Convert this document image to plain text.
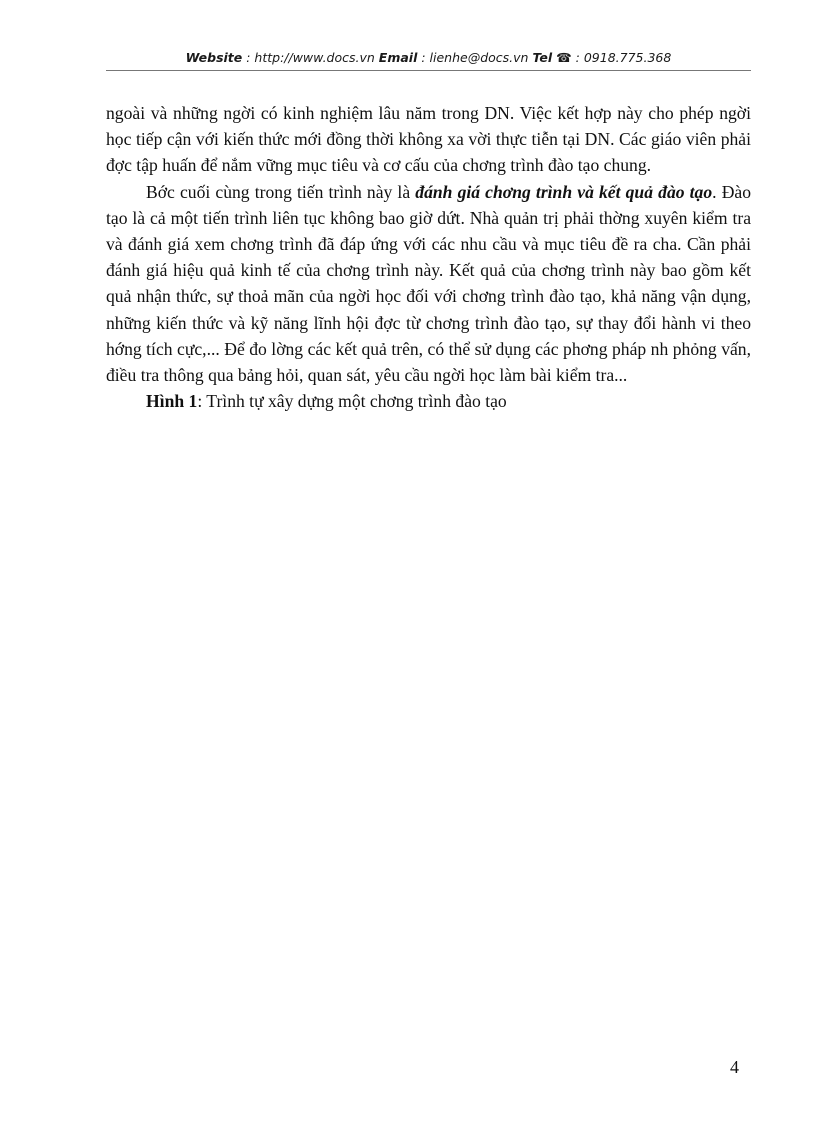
Website : http://www.docs.vn Email : lienhe@docs.vn Tel ☎ : 0918.775.368

ngoài và những ngời có kinh nghiệm lâu năm trong DN. Việc kết hợp này cho phép ngời học tiếp cận với kiến thức mới đồng thời không xa vời thực tiễn tại DN. Các giáo viên phải đợc tập huấn để nắm vững mục tiêu và cơ cấu của chơng trình đào tạo chung.

Bớc cuối cùng trong tiến trình này là đánh giá chơng trình và kết quả đào tạo. Đào tạo là cả một tiến trình liên tục không bao giờ dứt. Nhà quản trị phải thờng xuyên kiểm tra và đánh giá xem chơng trình đã đáp ứng với các nhu cầu và mục tiêu đề ra cha. Cần phải đánh giá hiệu quả kinh tế của chơng trình này. Kết quả của chơng trình này bao gồm kết quả nhận thức, sự thoả mãn của ngời học đối với chơng trình đào tạo, khả năng vận dụng, những kiến thức và kỹ năng lĩnh hội đợc từ chơng trình đào tạo, sự thay đổi hành vi theo hớng tích cực,... Để đo lờng các kết quả trên, có thể sử dụng các phơng pháp nh phỏng vấn, điều tra thông qua bảng hỏi, quan sát, yêu cầu ngời học làm bài kiểm tra...

Hình 1: Trình tự xây dựng một chơng trình đào tạo

4
